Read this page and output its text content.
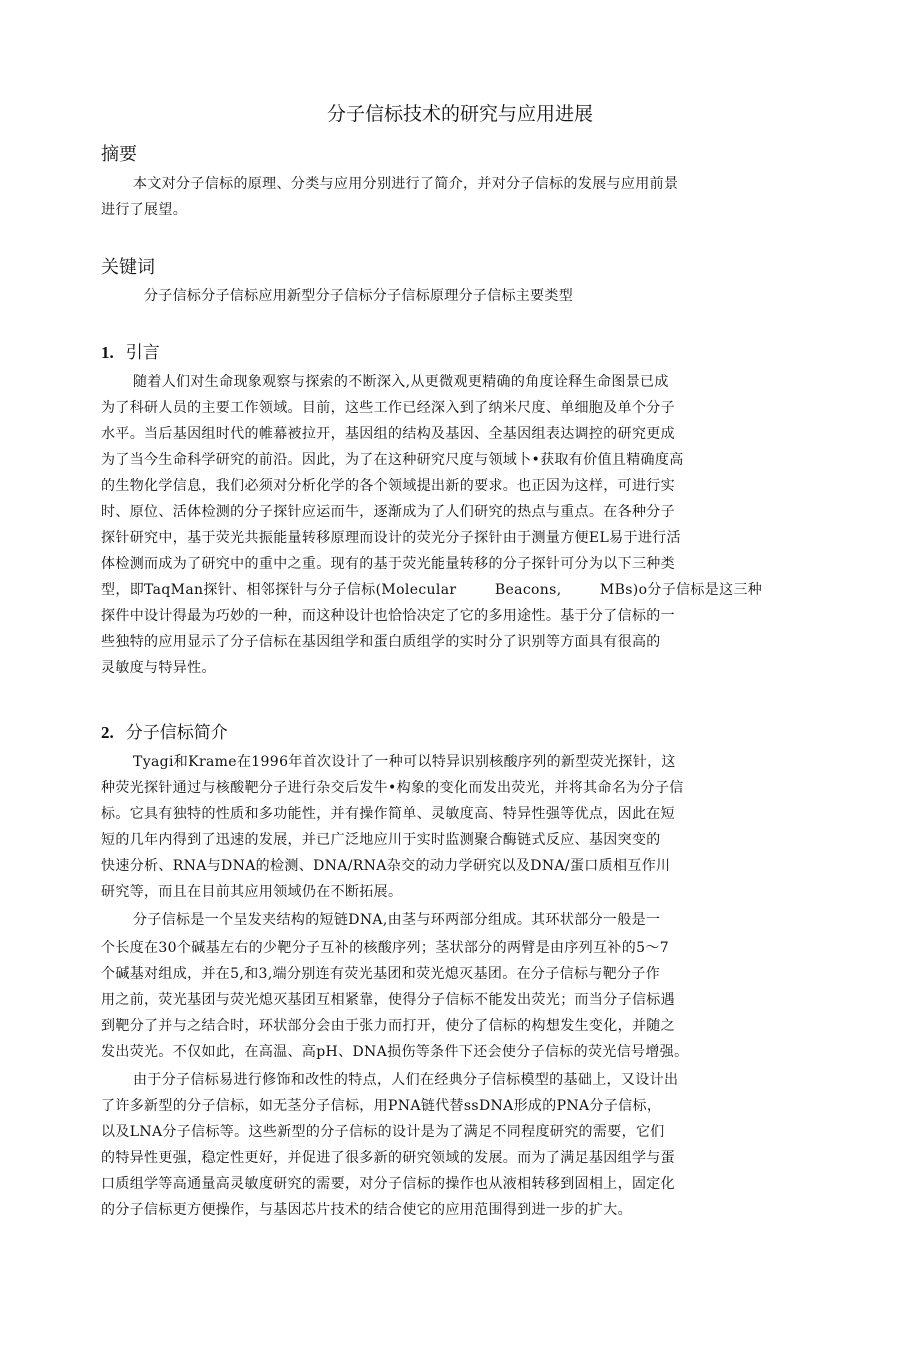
分子信标技术的研究与应用进展
摘要
本文对分子信标的原理、分类与应用分别进行了简介，并对分子信标的发展与应用前景
进行了展望。
关键词
分子信标分子信标应用新型分子信标分子信标原理分子信标主要类型
1. 引言
随着人们对生命现象观察与探索的不断深入,从更微观更精确的角度诠释生命图景已成
为了科研人员的主要工作领域。目前，这些工作已经深入到了纳米尺度、单细胞及单个分子
水平。当后基因组时代的帷幕被拉开，基因组的结构及基因、全基因组表达调控的研究更成
为了当今生命科学研究的前沿。因此，为了在这种研究尺度与领域卜•获取有价值且精确度高
的生物化学信息，我们必须对分析化学的各个领域提出新的要求。也正因为这样，可进行实
时、原位、活体检测的分子探针应运而牛，逐渐成为了人们研究的热点与重点。在各种分子
探针研究中，基于荧光共振能量转移原理而设计的荧光分子探针由于测量方便EL易于进行活
体检测而成为了研究中的重中之重。现有的基于荧光能量转移的分子探针可分为以下三种类
型，即TaqMan探针、相邻探针与分子信标(Molecular        Beacons,        MBs)o分子信标是这三种
探件中设计得最为巧妙的一种，而这种设计也恰恰决定了它的多用途性。基于分了信标的一
些独特的应用显示了分子信标在基因组学和蛋白质组学的实时分了识别等方面具有很高的
灵敏度与特异性。
2. 分子信标简介
Tyagi和Krame在1996年首次设计了一种可以特异识别核酸序列的新型荧光探针，这
种荧光探针通过与核酸靶分子进行杂交后发牛•构象的变化而发出荧光，并将其命名为分子信
标。它具有独特的性质和多功能性，并有操作简单、灵敏度高、特异性强等优点，因此在短
短的几年内得到了迅速的发展，并已广泛地应川于实时监测聚合酶链式反应、基因突变的
快速分析、RNA与DNA的检测、DNA/RNA杂交的动力学研究以及DNA/蛋口质相互作川
研究等，而且在目前其应用领域仍在不断拓展。
分子信标是一个呈发夹结构的短链DNA,由茎与环两部分组成。其环状部分一般是一
个长度在30个碱基左右的少靶分子互补的核酸序列；茎状部分的两臂是由序列互补的5〜7
个碱基对组成，并在5,和3,端分别连有荧光基团和荧光熄灭基团。在分子信标与靶分子作
用之前，荧光基团与荧光熄灭基团互相紧靠，使得分子信标不能发出荧光；而当分子信标遇
到靶分了并与之结合时，环状部分会由于张力而打开，使分了信标的构想发生变化，并随之
发出荧光。不仅如此，在高温、高pH、DNA损伤等条件下还会使分子信标的荧光信号增强。
由于分子信标易进行修饰和改性的特点，人们在经典分子信标模型的基础上，又设计出
了许多新型的分子信标，如无茎分子信标，用PNA链代替ssDNA形成的PNA分子信标，
以及LNA分子信标等。这些新型的分子信标的设计是为了满足不同程度研究的需要，它们
的特异性更强，稳定性更好，并促进了很多新的研究领域的发展。而为了满足基因组学与蛋
口质组学等高通量高灵敏度研究的需要，对分子信标的操作也从液相转移到固相上，固定化
的分子信标更方便操作，与基因芯片技术的结合使它的应用范围得到进一步的扩大。
